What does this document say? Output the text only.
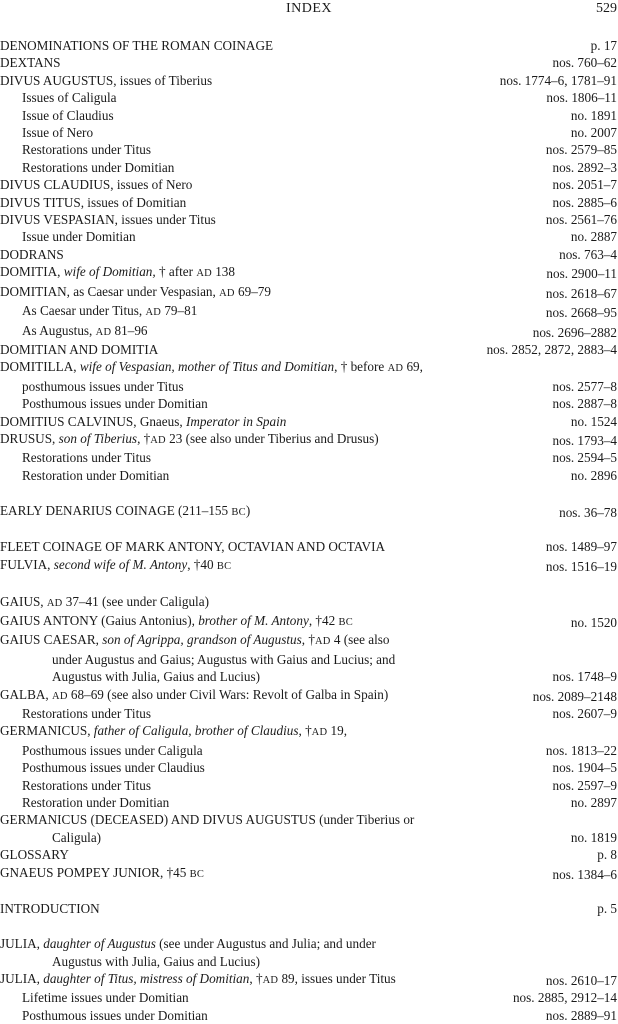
INDEX	529
DENOMINATIONS OF THE ROMAN COINAGE	p. 17
DEXTANS	nos. 760–62
DIVUS AUGUSTUS, issues of Tiberius	nos. 1774–6, 1781–91
Issues of Caligula	nos. 1806–11
Issue of Claudius	no. 1891
Issue of Nero	no. 2007
Restorations under Titus	nos. 2579–85
Restorations under Domitian	nos. 2892–3
DIVUS CLAUDIUS, issues of Nero	nos. 2051–7
DIVUS TITUS, issues of Domitian	nos. 2885–6
DIVUS VESPASIAN, issues under Titus	nos. 2561–76
Issue under Domitian	no. 2887
DODRANS	nos. 763–4
DOMITIA, wife of Domitian, † after AD 138	nos. 2900–11
DOMITIAN, as Caesar under Vespasian, AD 69–79	nos. 2618–67
As Caesar under Titus, AD 79–81	nos. 2668–95
As Augustus, AD 81–96	nos. 2696–2882
DOMITIAN AND DOMITIA	nos. 2852, 2872, 2883–4
DOMITILLA, wife of Vespasian, mother of Titus and Domitian, † before AD 69,
posthumous issues under Titus	nos. 2577–8
Posthumous issues under Domitian	nos. 2887–8
DOMITIUS CALVINUS, Gnaeus, Imperator in Spain	no. 1524
DRUSUS, son of Tiberius, †AD 23 (see also under Tiberius and Drusus)	nos. 1793–4
Restorations under Titus	nos. 2594–5
Restoration under Domitian	no. 2896
EARLY DENARIUS COINAGE (211–155 BC)	nos. 36–78
FLEET COINAGE OF MARK ANTONY, OCTAVIAN AND OCTAVIA	nos. 1489–97
FULVIA, second wife of M. Antony, †40 BC	nos. 1516–19
GAIUS, AD 37–41 (see under Caligula)
GAIUS ANTONY (Gaius Antonius), brother of M. Antony, †42 BC	no. 1520
GAIUS CAESAR, son of Agrippa, grandson of Augustus, †AD 4 (see also
under Augustus and Gaius; Augustus with Gaius and Lucius; and
Augustus with Julia, Gaius and Lucius)	nos. 1748–9
GALBA, AD 68–69 (see also under Civil Wars: Revolt of Galba in Spain)	nos. 2089–2148
Restorations under Titus	nos. 2607–9
GERMANICUS, father of Caligula, brother of Claudius, †AD 19,
Posthumous issues under Caligula	nos. 1813–22
Posthumous issues under Claudius	nos. 1904–5
Restorations under Titus	nos. 2597–9
Restoration under Domitian	no. 2897
GERMANICUS (DECEASED) AND DIVUS AUGUSTUS (under Tiberius or
Caligula)	no. 1819
GLOSSARY	p. 8
GNAEUS POMPEY JUNIOR, †45 BC	nos. 1384–6
INTRODUCTION	p. 5
JULIA, daughter of Augustus (see under Augustus and Julia; and under
Augustus with Julia, Gaius and Lucius)
JULIA, daughter of Titus, mistress of Domitian, †AD 89, issues under Titus	nos. 2610–17
Lifetime issues under Domitian	nos. 2885, 2912–14
Posthumous issues under Domitian	nos. 2889–91
